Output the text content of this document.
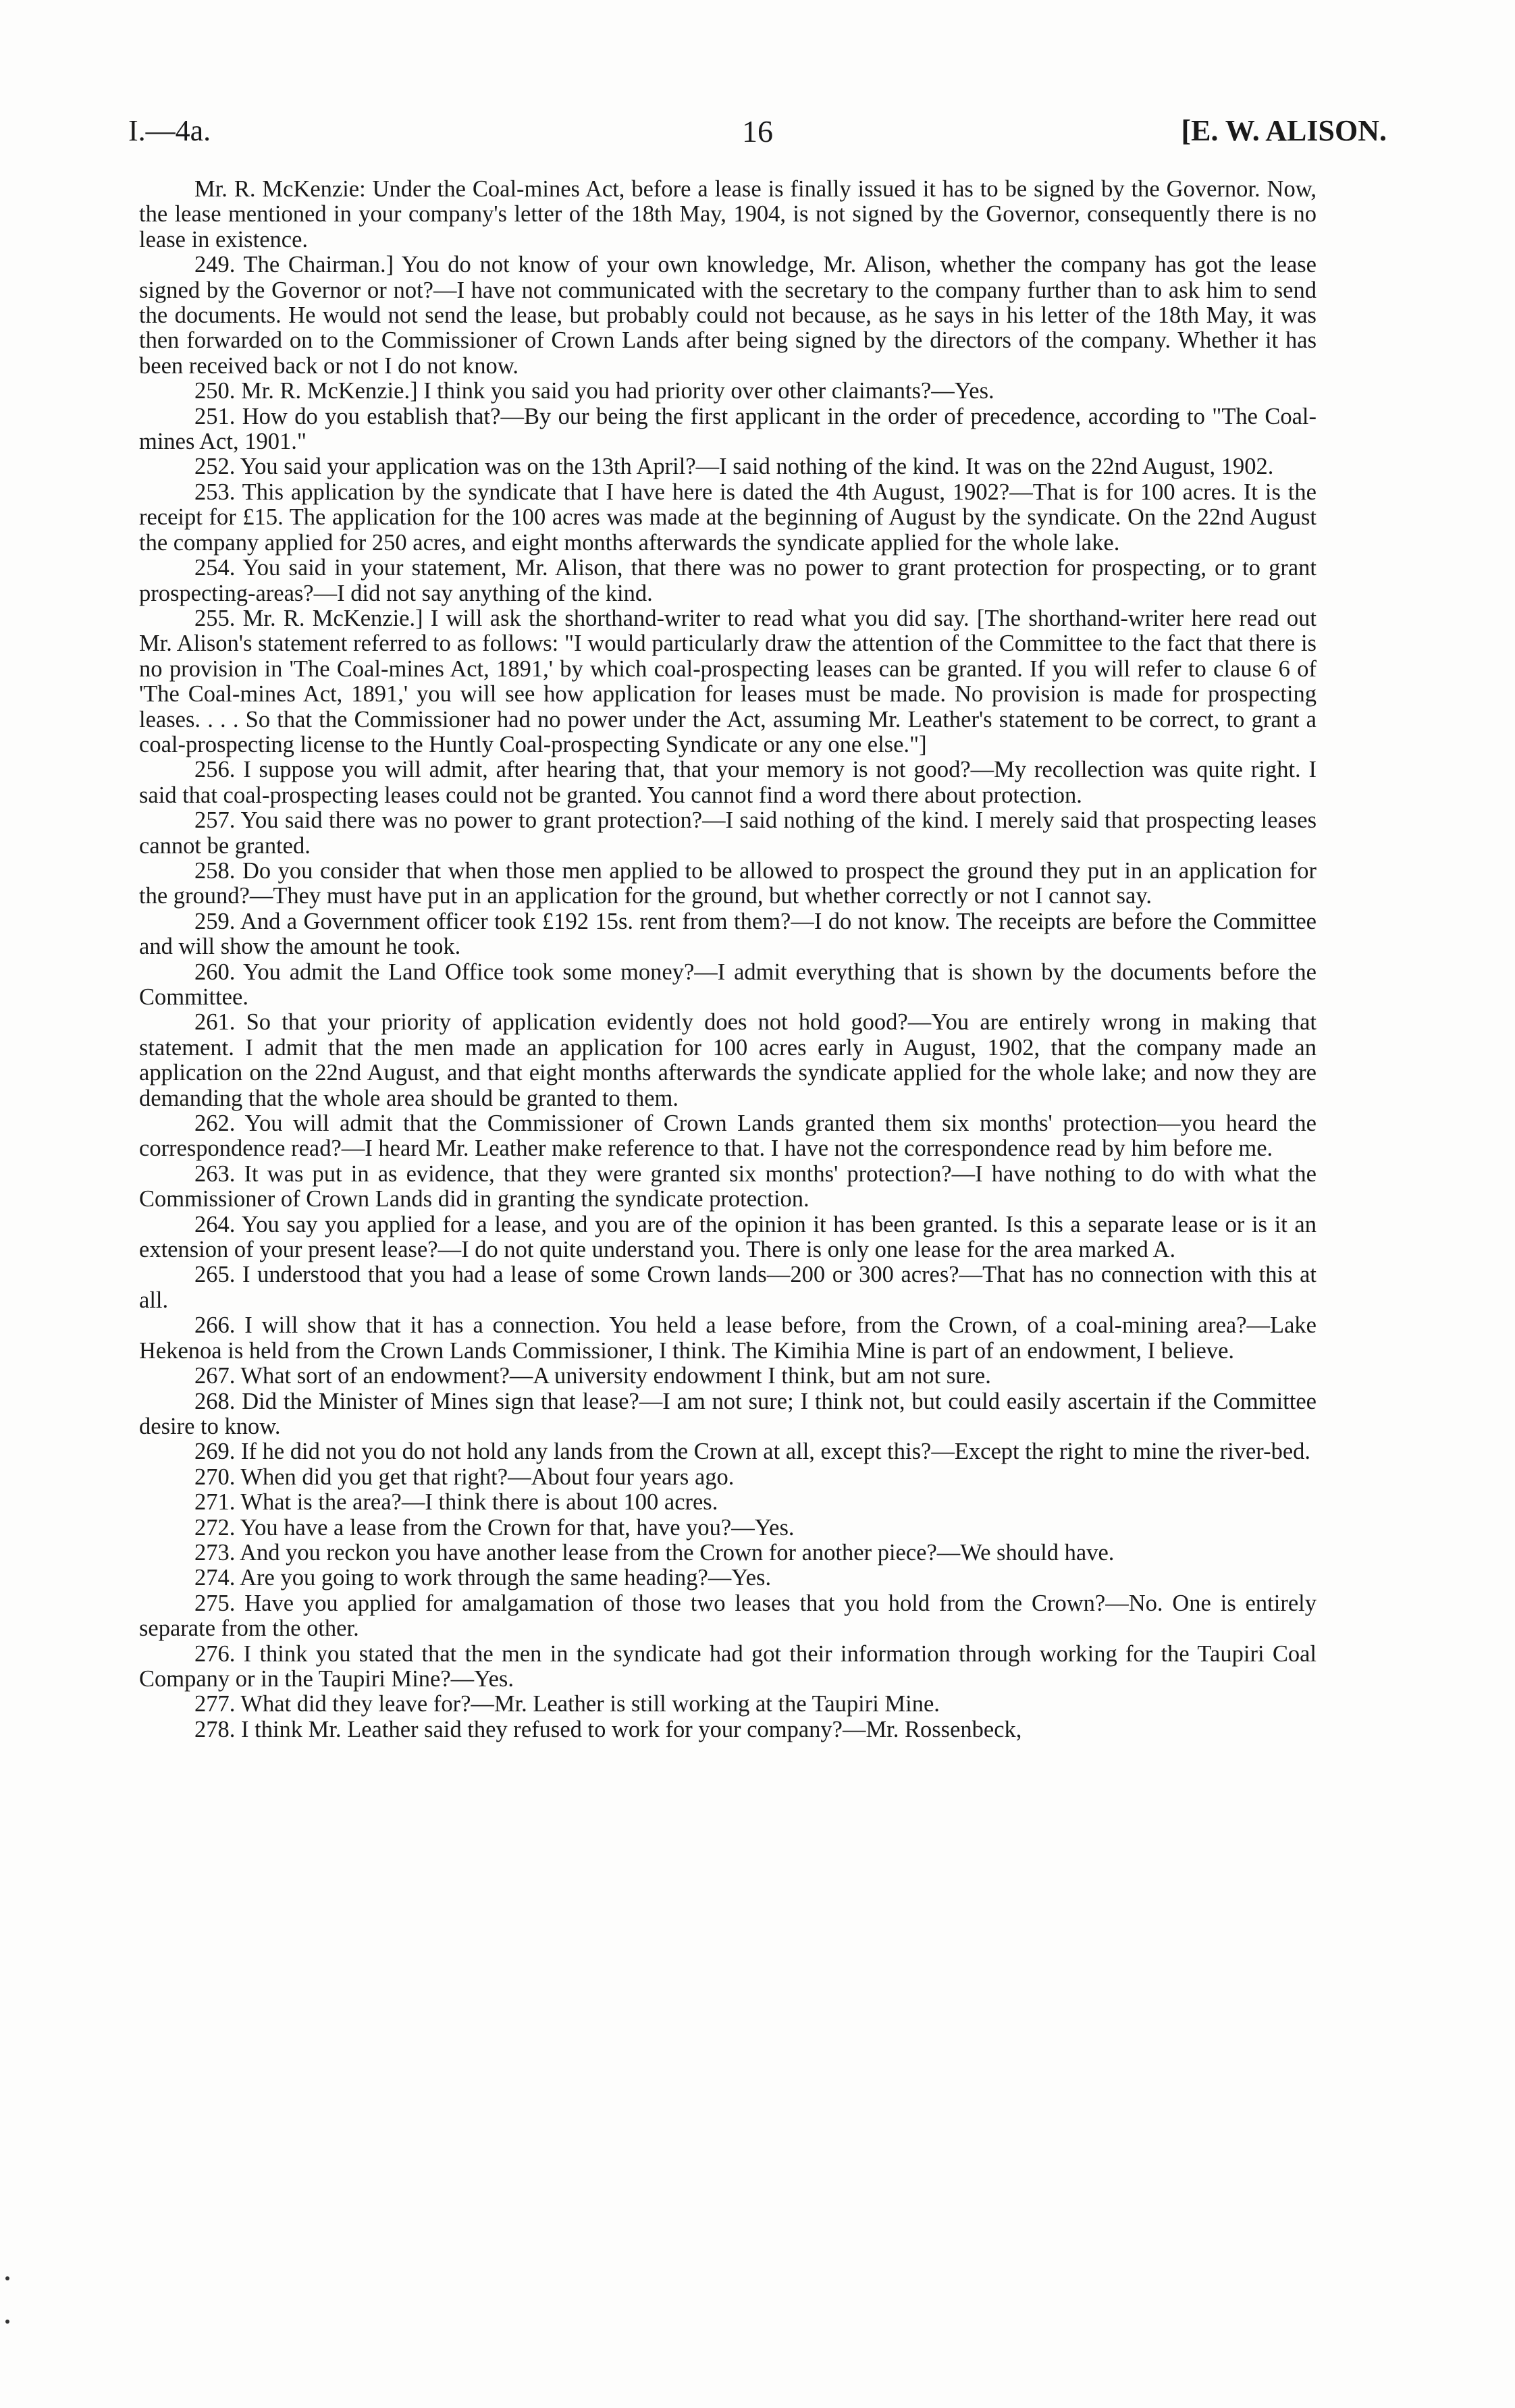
I.—4a.	16	[E. W. ALISON.

Mr. R. McKenzie: Under the Coal-mines Act, before a lease is finally issued it has to be signed by the Governor. Now, the lease mentioned in your company's letter of the 18th May, 1904, is not signed by the Governor, consequently there is no lease in existence.

249. The Chairman.] You do not know of your own knowledge, Mr. Alison, whether the company has got the lease signed by the Governor or not?—I have not communicated with the secretary to the company further than to ask him to send the documents. He would not send the lease, but probably could not because, as he says in his letter of the 18th May, it was then forwarded on to the Commissioner of Crown Lands after being signed by the directors of the company. Whether it has been received back or not I do not know.

250. Mr. R. McKenzie.] I think you said you had priority over other claimants?—Yes.

251. How do you establish that?—By our being the first applicant in the order of precedence, according to "The Coal-mines Act, 1901."

252. You said your application was on the 13th April?—I said nothing of the kind. It was on the 22nd August, 1902.

253. This application by the syndicate that I have here is dated the 4th August, 1902?—That is for 100 acres. It is the receipt for £15. The application for the 100 acres was made at the beginning of August by the syndicate. On the 22nd August the company applied for 250 acres, and eight months afterwards the syndicate applied for the whole lake.

254. You said in your statement, Mr. Alison, that there was no power to grant protection for prospecting, or to grant prospecting-areas?—I did not say anything of the kind.

255. Mr. R. McKenzie.] I will ask the shorthand-writer to read what you did say. [The shorthand-writer here read out Mr. Alison's statement referred to as follows: "I would particularly draw the attention of the Committee to the fact that there is no provision in 'The Coal-mines Act, 1891,' by which coal-prospecting leases can be granted. If you will refer to clause 6 of 'The Coal-mines Act, 1891,' you will see how application for leases must be made. No provision is made for prospecting leases. . . . So that the Commissioner had no power under the Act, assuming Mr. Leather's statement to be correct, to grant a coal-prospecting license to the Huntly Coal-prospecting Syndicate or any one else."]

256. I suppose you will admit, after hearing that, that your memory is not good?—My recollection was quite right. I said that coal-prospecting leases could not be granted. You cannot find a word there about protection.

257. You said there was no power to grant protection?—I said nothing of the kind. I merely said that prospecting leases cannot be granted.

258. Do you consider that when those men applied to be allowed to prospect the ground they put in an application for the ground?—They must have put in an application for the ground, but whether correctly or not I cannot say.

259. And a Government officer took £192 15s. rent from them?—I do not know. The receipts are before the Committee and will show the amount he took.

260. You admit the Land Office took some money?—I admit everything that is shown by the documents before the Committee.

261. So that your priority of application evidently does not hold good?—You are entirely wrong in making that statement. I admit that the men made an application for 100 acres early in August, 1902, that the company made an application on the 22nd August, and that eight months afterwards the syndicate applied for the whole lake; and now they are demanding that the whole area should be granted to them.

262. You will admit that the Commissioner of Crown Lands granted them six months' protection—you heard the correspondence read?—I heard Mr. Leather make reference to that. I have not the correspondence read by him before me.

263. It was put in as evidence, that they were granted six months' protection?—I have nothing to do with what the Commissioner of Crown Lands did in granting the syndicate protection.

264. You say you applied for a lease, and you are of the opinion it has been granted. Is this a separate lease or is it an extension of your present lease?—I do not quite understand you. There is only one lease for the area marked A.

265. I understood that you had a lease of some Crown lands—200 or 300 acres?—That has no connection with this at all.

266. I will show that it has a connection. You held a lease before, from the Crown, of a coal-mining area?—Lake Hekenoa is held from the Crown Lands Commissioner, I think. The Kimihia Mine is part of an endowment, I believe.

267. What sort of an endowment?—A university endowment I think, but am not sure.

268. Did the Minister of Mines sign that lease?—I am not sure; I think not, but could easily ascertain if the Committee desire to know.

269. If he did not you do not hold any lands from the Crown at all, except this?—Except the right to mine the river-bed.

270. When did you get that right?—About four years ago.

271. What is the area?—I think there is about 100 acres.

272. You have a lease from the Crown for that, have you?—Yes.

273. And you reckon you have another lease from the Crown for another piece?—We should have.

274. Are you going to work through the same heading?—Yes.

275. Have you applied for amalgamation of those two leases that you hold from the Crown?—No. One is entirely separate from the other.

276. I think you stated that the men in the syndicate had got their information through working for the Taupiri Coal Company or in the Taupiri Mine?—Yes.

277. What did they leave for?—Mr. Leather is still working at the Taupiri Mine.

278. I think Mr. Leather said they refused to work for your company?—Mr. Rossenbeck,
